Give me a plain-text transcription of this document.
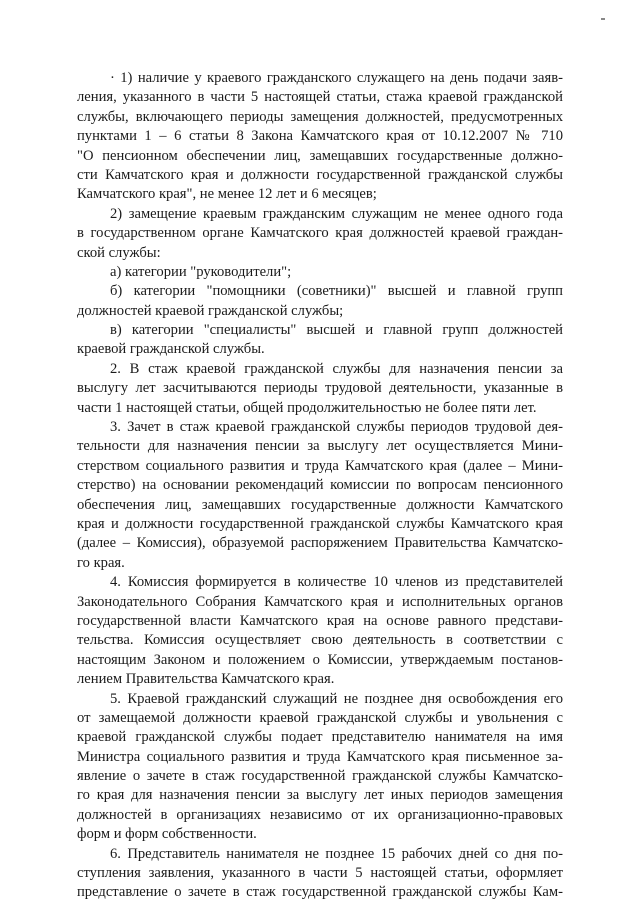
· 1) наличие у краевого гражданского служащего на день подачи заяв-
ления, указанного в части 5 настоящей статьи, стажа краевой гражданской
службы, включающего периоды замещения должностей, предусмотренных
пунктами 1 – 6 статьи 8 Закона Камчатского края от 10.12.2007 № 710
"О пенсионном обеспечении лиц, замещавших государственные должно-
сти Камчатского края и должности государственной гражданской службы
Камчатского края", не менее 12 лет и 6 месяцев;
2) замещение краевым гражданским служащим не менее одного года
в государственном органе Камчатского края должностей краевой граждан-
ской службы:
а) категории "руководители";
б) категории "помощники (советники)" высшей и главной групп
должностей краевой гражданской службы;
в) категории "специалисты" высшей и главной групп должностей
краевой гражданской службы.
2. В стаж краевой гражданской службы для назначения пенсии за
выслугу лет засчитываются периоды трудовой деятельности, указанные в
части 1 настоящей статьи, общей продолжительностью не более пяти лет.
3. Зачет в стаж краевой гражданской службы периодов трудовой дея-
тельности для назначения пенсии за выслугу лет осуществляется Мини-
стерством социального развития и труда Камчатского края (далее – Мини-
стерство) на основании рекомендаций комиссии по вопросам пенсионного
обеспечения лиц, замещавших государственные должности Камчатского
края и должности государственной гражданской службы Камчатского края
(далее – Комиссия), образуемой распоряжением Правительства Камчатско-
го края.
4. Комиссия формируется в количестве 10 членов из представителей
Законодательного Собрания Камчатского края и исполнительных органов
государственной власти Камчатского края на основе равного представи-
тельства. Комиссия осуществляет свою деятельность в соответствии с
настоящим Законом и положением о Комиссии, утверждаемым постанов-
лением Правительства Камчатского края.
5. Краевой гражданский служащий не позднее дня освобождения его
от замещаемой должности краевой гражданской службы и увольнения с
краевой гражданской службы подает представителю нанимателя на имя
Министра социального развития и труда Камчатского края письменное за-
явление о зачете в стаж государственной гражданской службы Камчатско-
го края для назначения пенсии за выслугу лет иных периодов замещения
должностей в организациях независимо от их организационно-правовых
форм и форм собственности.
6. Представитель нанимателя не позднее 15 рабочих дней со дня по-
ступления заявления, указанного в части 5 настоящей статьи, оформляет
представление о зачете в стаж государственной гражданской службы Кам-
